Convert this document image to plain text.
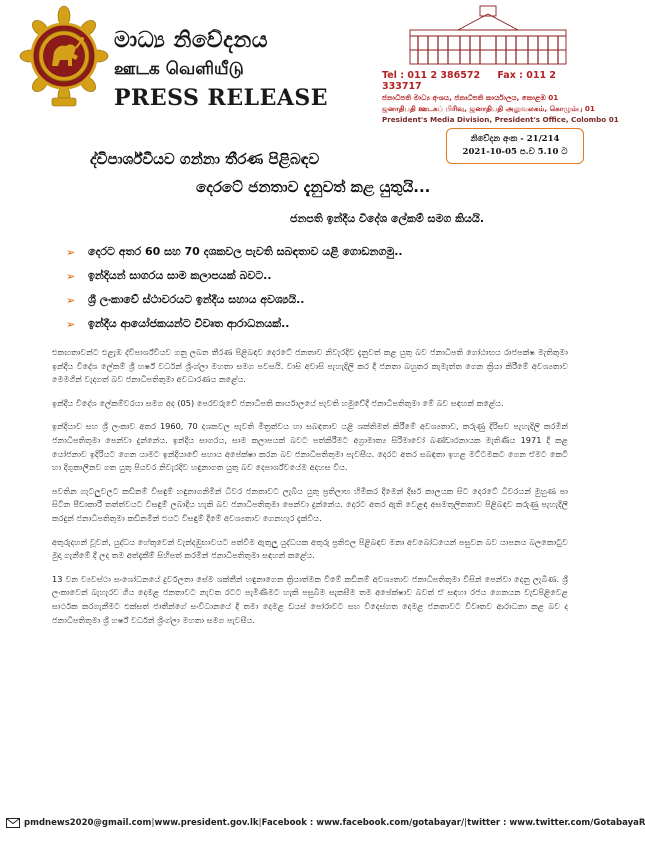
මාධ්‍ය නිවේදනය
ஊடக வெளியீடு
PRESS RELEASE
Tel : 011 2 386572 Fax : 011 2 333717
ජනාධිපති මාධ්‍ය අංශය, ජනාධිපති කාර්යාලය, කොළඹ 01
ஜனாதிபதி ஊடகப் பிரிவு, ஜனாதிபதி அலுவலகம், கொழும்பு 01
President's Media Division, President's Office, Colombo 01
නිවේදන අංක - 21/214
2021-10-05 ප.ව 5.10 ට
ද්විපාර්ශ්වීයව ගන්නා තීරණ පිළිබඳව
දෙරටේ ජනතාව දැනුවත් කළ යුතුයි...
ජනපති ඉන්දීය විදේශ ලේකම් සමග කියයි.
➢	දෙරට අතර 60 සහ 70 දශකවල පැවති සබඳතාව යළි ගොඩනගමු..
➢	ඉන්දියන් සාගරය සාම කලාපයක් බවට..
➢	ශ්‍රී ලංකාවේ ස්ථාවරයට ඉන්දීය සහාය අවශ්‍යයි..
➢	ඉන්දීය ආයෝජකයන්ට විවෘත ආරාධනයක්..

එකඟතාවන්ට එළැඹ ද්විපාර්ශ්වීයව ගනු ලබන තීරණ පිළිබඳව දෙරටේ ජනතාව නිවැරදිව දැනුවත් කළ යුතු බව ජනාධිපති ගෝඨාභය රාජපක්ෂ මැතිතුමා ඉන්දීය විදේශ ලේකම් ශ්‍රී හර්ෂ් වර්ධන් ශ්‍රිංග්ලා මහතා සමග පවසයි. වාසි අවාසි පැහැදිලි කර දී ජනතා බහුතර කැමැත්ත ගෙන ක්‍රියා කිරීමේ අවශ්‍යතාව මෙමගින් වැදගත් බව ජනාධිපතිතුමා අවධාරණය කළේය.

ඉන්දීය විදේශ ලේකම්වරයා සමග අද (05) පෙරවරුවේ ජනාධිපති කාර්යාලයේ පැවති හමුවේදී ජනාධිපතිතුමා මේ බව සඳහන් කළේය.

ඉන්දියාව සහ ශ්‍රී ලංකාව අතර 1960, 70 දශකවල පැවති මිත්‍රත්වය හා සබඳතාව යළි ශක්තිමත් කිරීමේ අවශ්‍යතාව, කරුණු දිරිසව පැහැදිලි කරමින් ජනාධිපතිතුමා පෙන්වා දුන්නේය. ඉන්දීය සාගරය, සාම කලාපයක් බවට පත්කිරීමට අග්‍රාමාත්‍ය සිරිමාවෝ බණ්ඩාරනායක මැතිණිය 1971 දී කළ යෝජනාව ඉදිරියට ගෙන යාමට ඉන්දියාවේ සහාය අපේක්ෂා කරන බව ජනාධිපතිතුමා පැවසීය. දෙරට අතර සබඳතා ඉහළ මට්ටමකට ගෙන ඒමට කෙටි හා දිගුකාලීනව ගත යුතු පියවර නිවැරදිව හඳුනාගත යුතු බව දෙපාර්ශ්වයේම අදහස විය.

පවතින ගැටලුවලට කඩිනම් විසඳුම් හඳුනාගනිමින් ධීවර ජනතාවට ලැබිය යුතු ප්‍රතිලාභ හිමිකර දීමෙන් දීර්ඝ කාලයක සිට දෙරටේ ධීවරයන් මුහුණ පා සිටින පීඩාකාරී තත්ත්වයට විසඳුම් ලබාදිය හැකි බව ජනාධිපතිතුමා පෙන්වා දුන්නේය. දෙරට අතර ඇති වෙළඳ අසමතුලිතතාව පිළිබඳව කරුණු පැහැදිලි කරදුන් ජනාධිපතිතුමා කඩිනමින් එයට විසඳුම් දීමේ අවශ්‍යතාව ගෙනහැර දැක්විය.

අතුරුදහන් වූවන්, යුද්ධය හේතුවෙන් වැන්දඹුභාවයට පත්වීම ඇතුලු යුද්ධයක අතුරු ප්‍රතිඵල පිළිබඳව මනා අවබෝධයෙන් පසුවන බව යාපනය බලකොටුව මුදා ගැනීමේ දී ලද තම අත්දැකීම් සිහිපත් කරමින් ජනාධිපතිතුමා සඳහන් කළේය.

13 වන ව්‍යවස්ථා සංශෝධනයේ දුර්වලතා සේම ශක්තීන් හඳුනාගෙන ක්‍රියාත්මක වීමේ කඩිනම් අවශ්‍යතාව ජනාධිපතිතුමා විසින් පෙන්වා දෙනු ලැබිණ. ශ්‍රී ලංකාවෙන් බැහැරව ගිය දෙමළ ජනතාවට නැවත රටට පැමිණීමට හැකි පසුබිම සැකසීම තම අපේක්ෂාව බවත් ඒ සඳහා රජය ගෙනයන වැඩපිළිවෙළ සාර්ථක කරගැනීමට එක්සත් ජාතීන්ගේ සංවිධානයේ දී තමා දෙමළ ඩයස් පෝරාවට සහ විදෙස්ගත දෙමළ ජනතාවට විවෘතව ආරාධනා කළ බව ද ජනාධිපතිතුමා ශ්‍රී හර්ෂ් වර්ධන් ශ්‍රිංග්ලා මහතා සමග පැවසීය.

pmdnews2020@gmail.com | www.president.gov.lk | Facebook : www.facebook.com/gotabayar/ | twitter : www.twitter.com/GotabayaR
